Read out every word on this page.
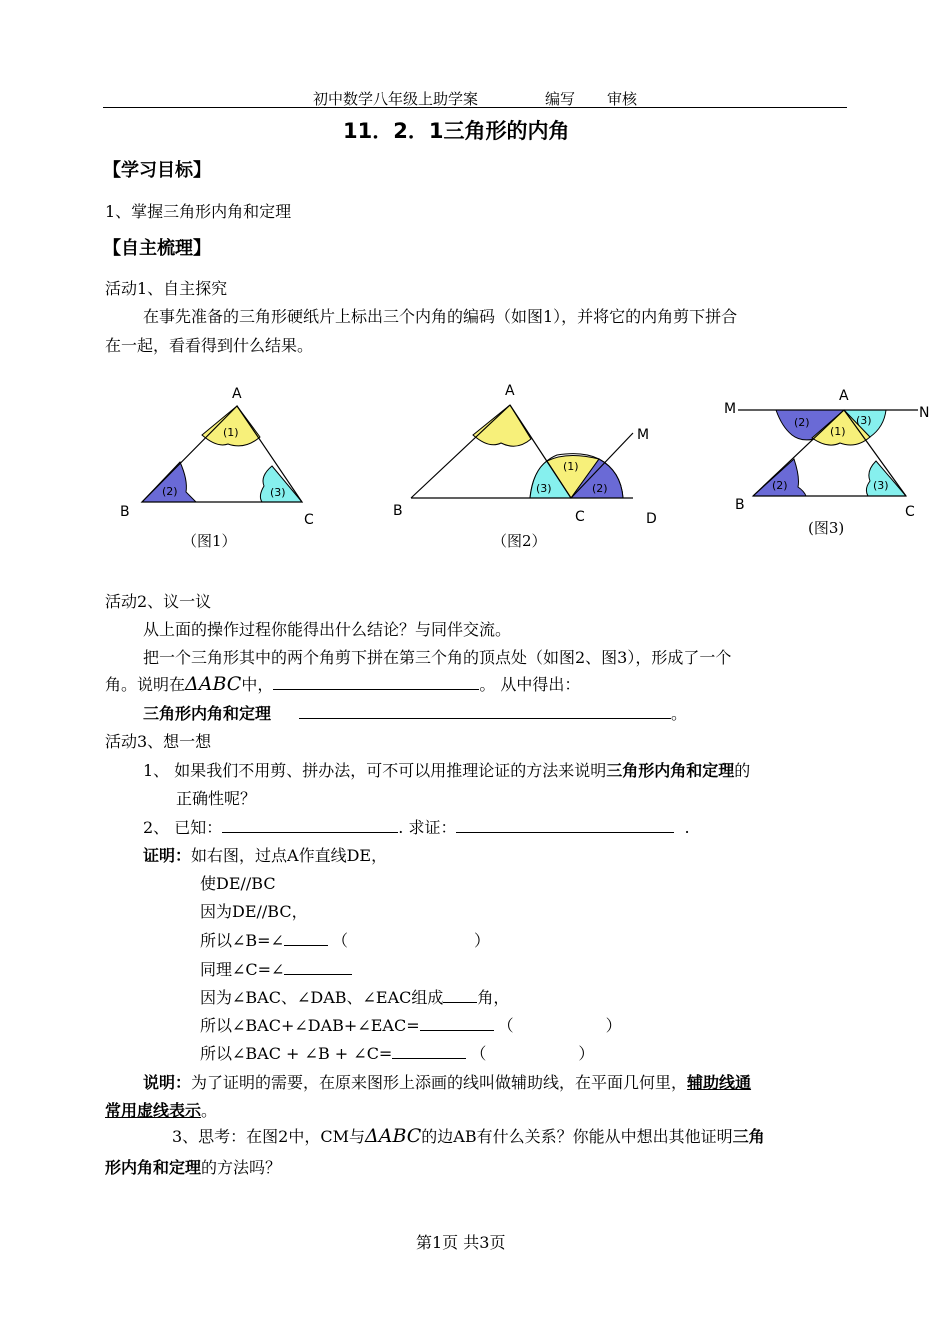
初中数学八年级上助学案	编写 审核
11．2．1三角形的内角
【学习目标】
1、掌握三角形内角和定理
【自主梳理】
活动1、自主探究
在事先准备的三角形硬纸片上标出三个内角的编码（如图1），并将它的内角剪下拼合
在一起，看看得到什么结果。
A
B	C
(1)
(2)	(3)
（图1）
A
B	C	D
M
(1)
(2)
(3)
（图2）
A
M	N
B	C
(1)
(2)	(3)
(2)	(3)
(图3)
活动2、议一议
从上面的操作过程你能得出什么结论？与同伴交流。
把一个三角形其中的两个角剪下拼在第三个角的顶点处（如图2、图3），形成了一个
角。说明在ΔABC中，	。 从中得出：
三角形内角和定理	。
活动3、想一想
1、 如果我们不用剪、拼办法，可不可以用推理论证的方法来说明三角形内角和定理的
正确性呢？
2、 已知：	. 求证：	.
证明：如右图，过点A作直线DE，
使DE//BC
因为DE//BC，
所以∠B=∠	（	）
同理∠C=∠
因为∠BAC、∠DAB、∠EAC组成 角，
所以∠BAC+∠DAB+∠EAC=	（	）
所以∠BAC + ∠B + ∠C=	（	）
说明：为了证明的需要，在原来图形上添画的线叫做辅助线，在平面几何里，辅助线通
常用虚线表示。
3、思考：在图2中，CM与ΔABC的边AB有什么关系？你能从中想出其他证明三角
形内角和定理的方法吗？
第1页 共3页
